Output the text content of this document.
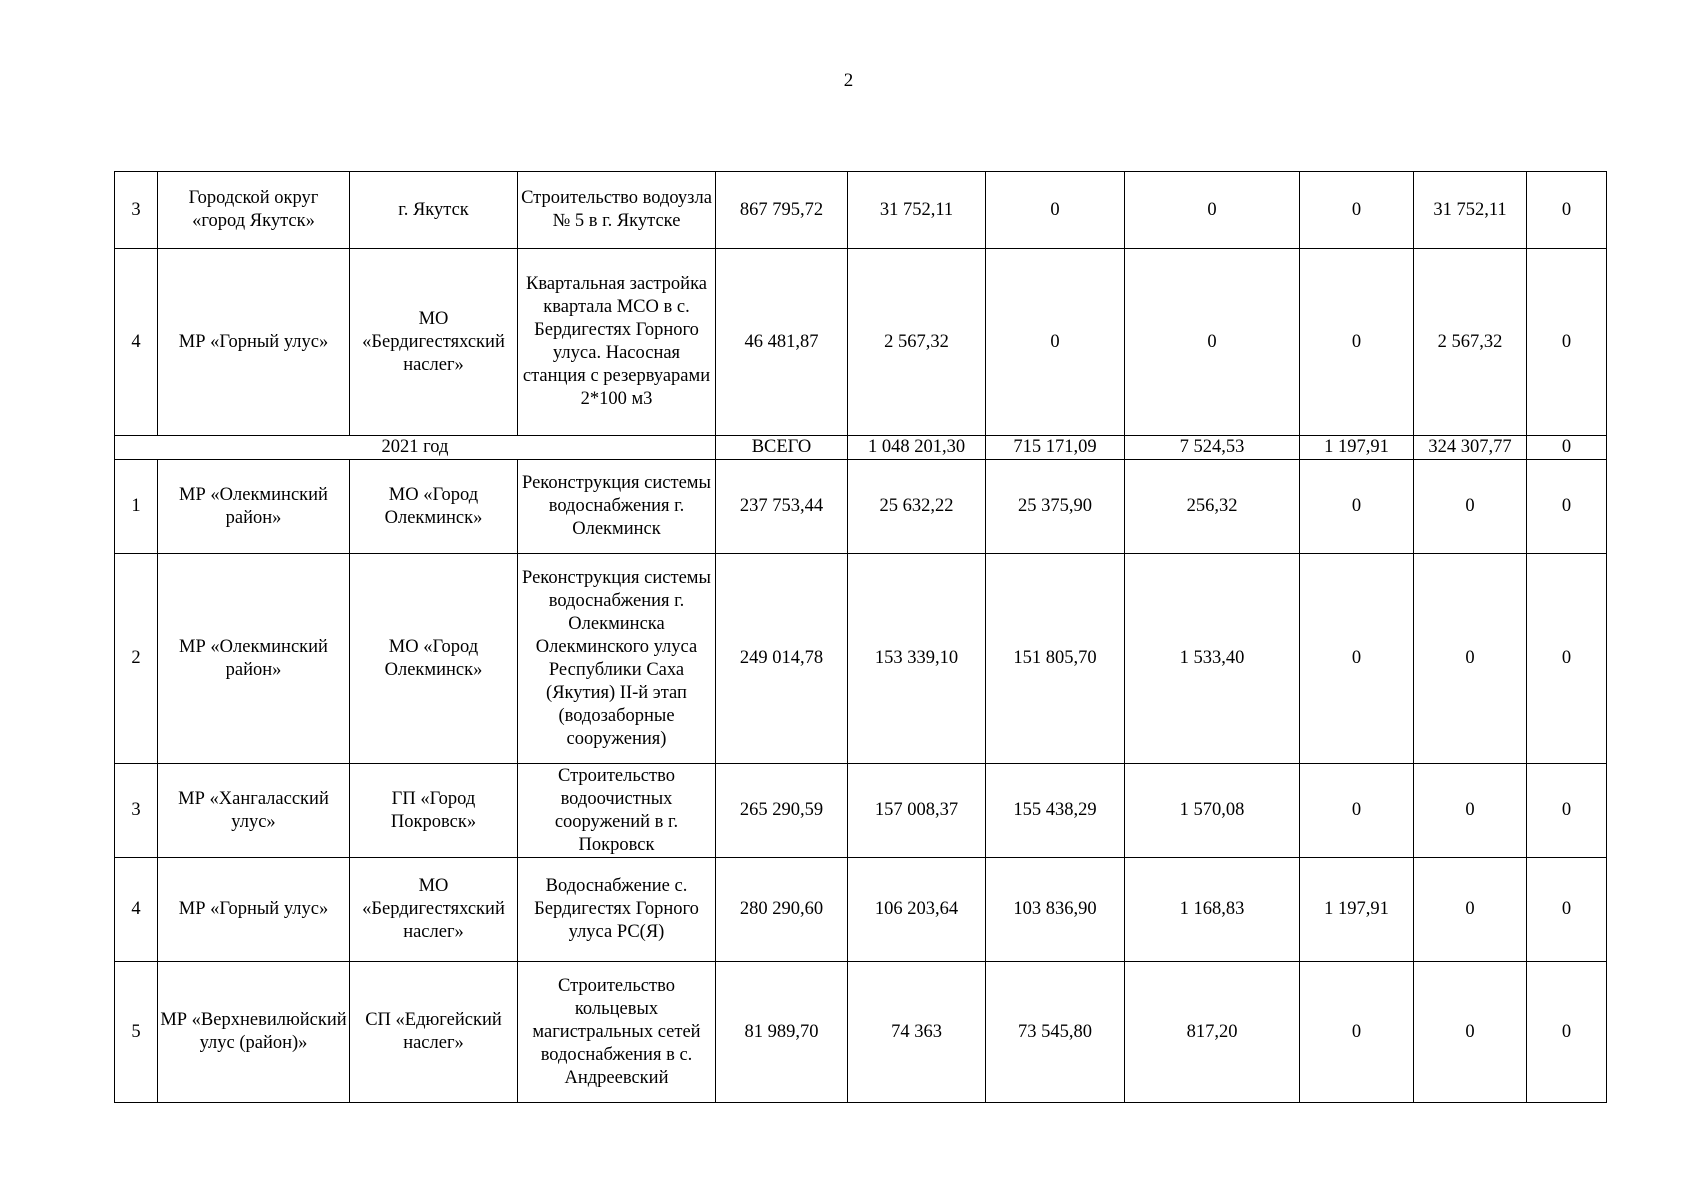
2
3	Городской округ «город Якутск»	г. Якутск	Строительство водоузла № 5 в г. Якутске	867 795,72	31 752,11	0	0	0	31 752,11	0
4	МР «Горный улус»	МО «Бердигестяхский наслег»	Квартальная застройка квартала МСО в с. Бердигестях Горного улуса. Насосная станция с резервуарами 2*100 м3	46 481,87	2 567,32	0	0	0	2 567,32	0
2021 год				ВСЕГО	1 048 201,30	715 171,09	7 524,53	1 197,91	324 307,77	0
1	МР «Олекминский район»	МО «Город Олекминск»	Реконструкция системы водоснабжения г. Олекминск	237 753,44	25 632,22	25 375,90	256,32	0	0	0
2	МР «Олекминский район»	МО «Город Олекминск»	Реконструкция системы водоснабжения г. Олекминска Олекминского улуса Республики Саха (Якутия) II-й этап (водозаборные сооружения)	249 014,78	153 339,10	151 805,70	1 533,40	0	0	0
3	МР «Хангаласский улус»	ГП «Город Покровск»	Строительство водоочистных сооружений в г. Покровск	265 290,59	157 008,37	155 438,29	1 570,08	0	0	0
4	МР «Горный улус»	МО «Бердигестяхский наслег»	Водоснабжение с. Бердигестях Горного улуса РС(Я)	280 290,60	106 203,64	103 836,90	1 168,83	1 197,91	0	0
5	МР «Верхневилюйский улус (район)»	СП «Едюгейский наслег»	Строительство кольцевых магистральных сетей водоснабжения в с. Андреевский	81 989,70	74 363	73 545,80	817,20	0	0	0
